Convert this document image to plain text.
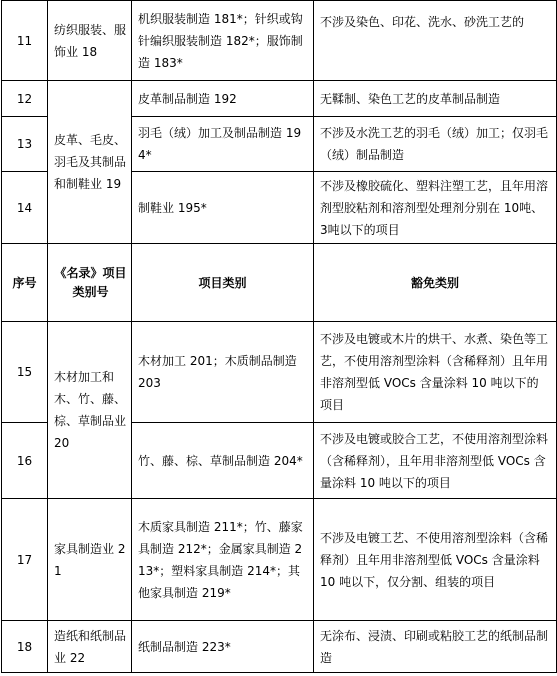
11	纺织服装、服饰业 18	机织服装制造 181*；针织或钩针编织服装制造 182*；服饰制造 183*	不涉及染色、印花、洗水、砂洗工艺的
12	皮革、毛皮、羽毛及其制品和制鞋业 19	皮革制品制造 192	无鞣制、染色工艺的皮革制品制造
13		羽毛（绒）加工及制品制造 194*	不涉及水洗工艺的羽毛（绒）加工；仅羽毛（绒）制品制造
14		制鞋业 195*	不涉及橡胶硫化、塑料注塑工艺，且年用溶剂型胶粘剂和溶剂型处理剂分别在 10吨、3吨以下的项目
序号	《名录》项目类别号	项目类别	豁免类别
15	木材加工和木、竹、藤、棕、草制品业 20	木材加工 201；木质制品制造 203	不涉及电镀或木片的烘干、水煮、染色等工艺，不使用溶剂型涂料（含稀释剂）且年用非溶剂型低 VOCs 含量涂料 10 吨以下的项目
16		竹、藤、棕、草制品制造 204*	不涉及电镀或胶合工艺，不使用溶剂型涂料（含稀释剂），且年用非溶剂型低 VOCs 含量涂料 10 吨以下的项目
17	家具制造业 21	木质家具制造 211*；竹、藤家具制造 212*；金属家具制造 213*；塑料家具制造 214*；其他家具制造 219*	不涉及电镀工艺、不使用溶剂型涂料（含稀释剂）且年用非溶剂型低 VOCs 含量涂料 10 吨以下，仅分割、组装的项目
18	造纸和纸制品业 22	纸制品制造 223*	无涂布、浸渍、印刷或粘胶工艺的纸制品制造
